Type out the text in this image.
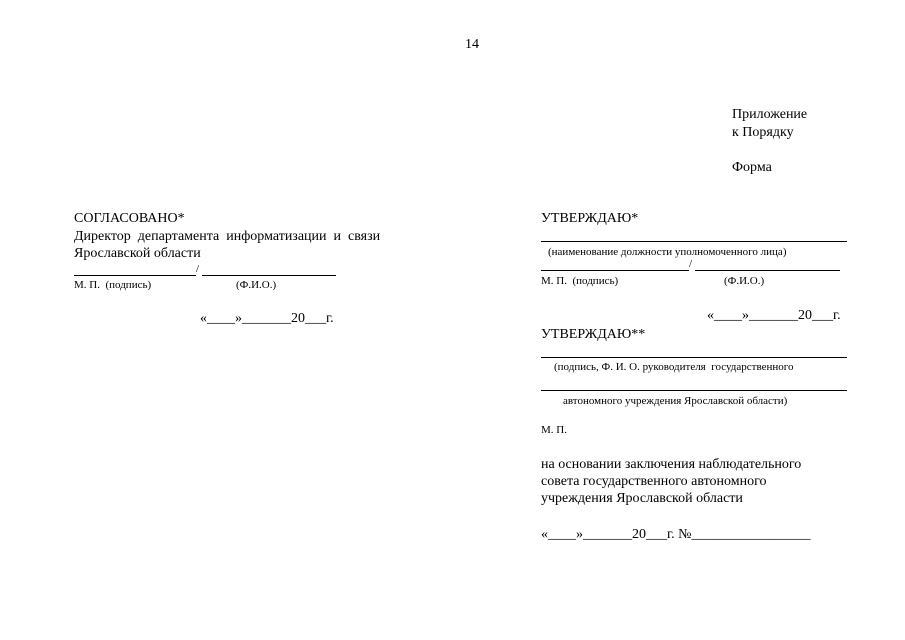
14
Приложение
к Порядку
Форма
СОГЛАСОВАНО*
Директор  департамента  информатизации  и  связи
Ярославской области
/
М. П.  (подпись)	(Ф.И.О.)
«____»_______20___г.
УТВЕРЖДАЮ*
(наименование должности уполномоченного лица)
/
М. П.  (подпись)	(Ф.И.О.)
«____»_______20___г.
УТВЕРЖДАЮ**
(подпись, Ф. И. О. руководителя  государственного
автономного учреждения Ярославской области)
М. П.
на основании заключения наблюдательного
совета государственного автономного
учреждения Ярославской области
«____»_______20___г. №_________________
